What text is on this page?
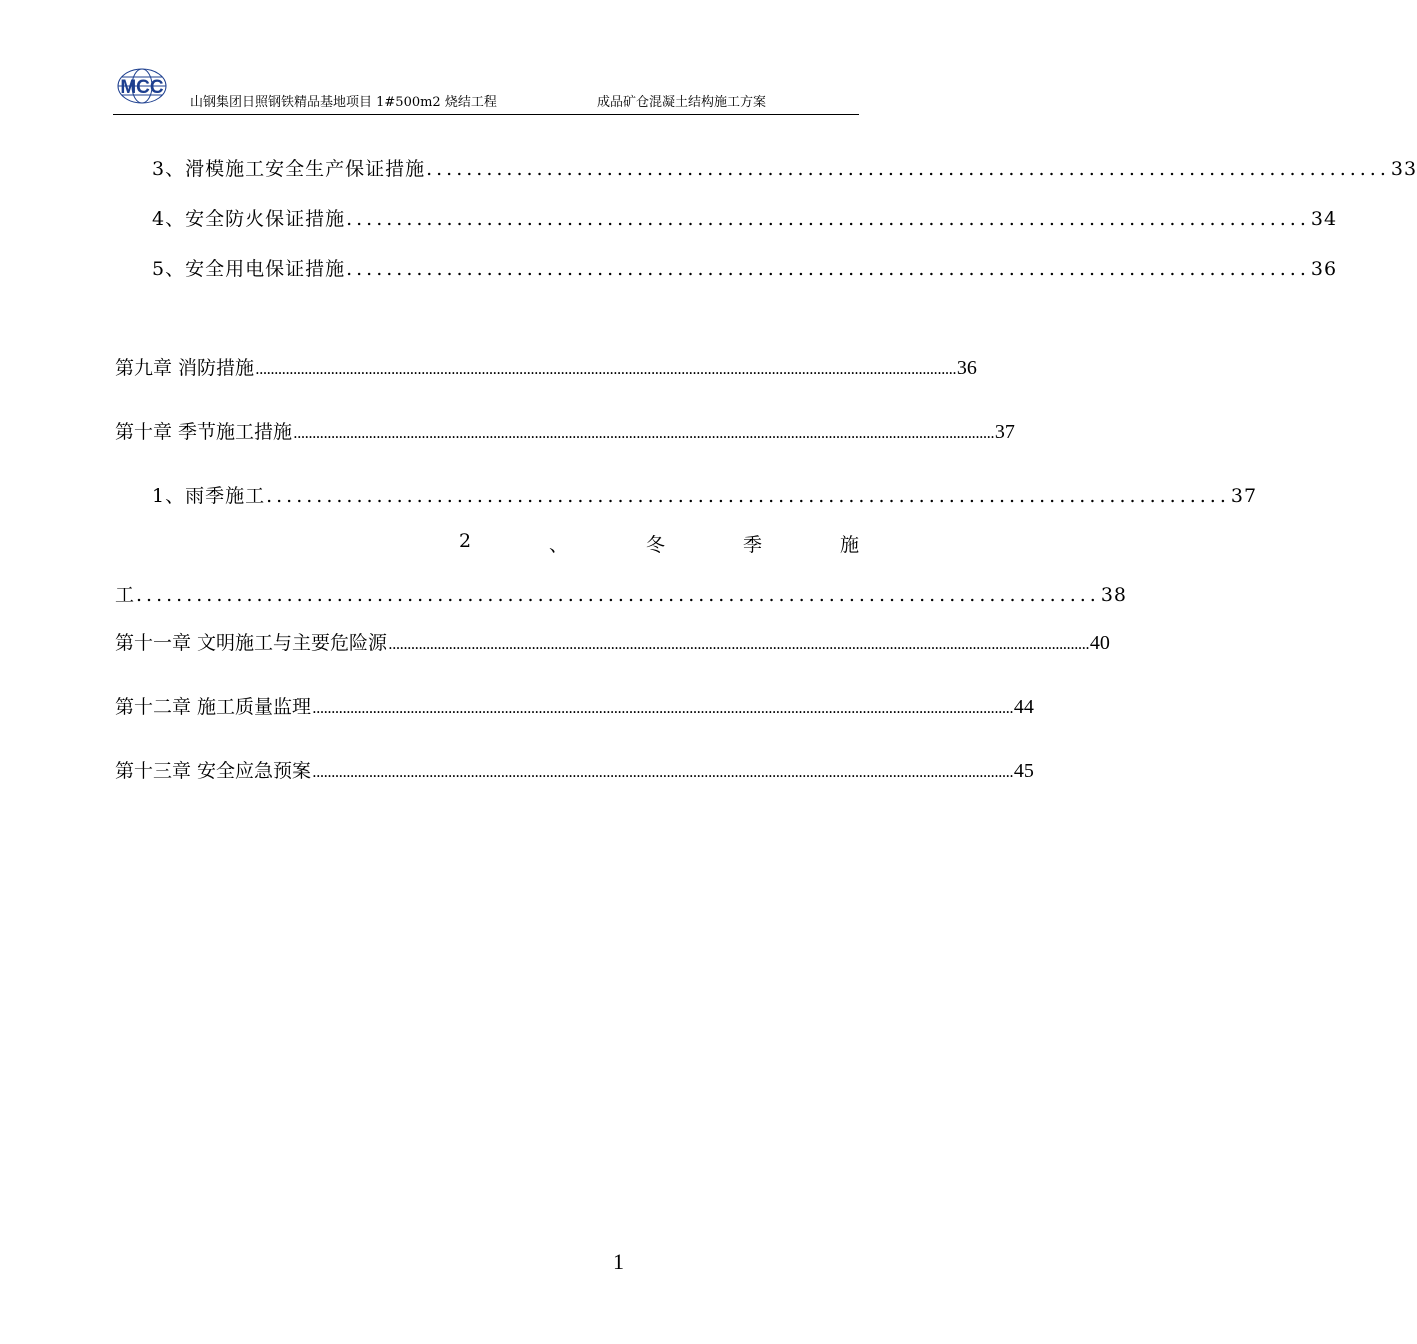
MCC
山钢集团日照钢铁精品基地项目 1#500m2 烧结工程	成品矿仓混凝土结构施工方案
3、滑模施工安全生产保证措施 ................................................................................................ 33
4、安全防火保证措施 ................................................................................................ 34
5、安全用电保证措施 ................................................................................................ 36
第九章 消防措施 .......................................................................................................................................................................................... 36
第十章 季节施工措施 .......................................................................................................................................................................................... 37
1、雨季施工 ................................................................................................ 37
2	、	冬	季	施
工 ................................................................................................ 38
第十一章 文明施工与主要危险源 .......................................................................................................................................................................................... 40
第十二章 施工质量监理 .......................................................................................................................................................................................... 44
第十三章 安全应急预案 .......................................................................................................................................................................................... 45
1
